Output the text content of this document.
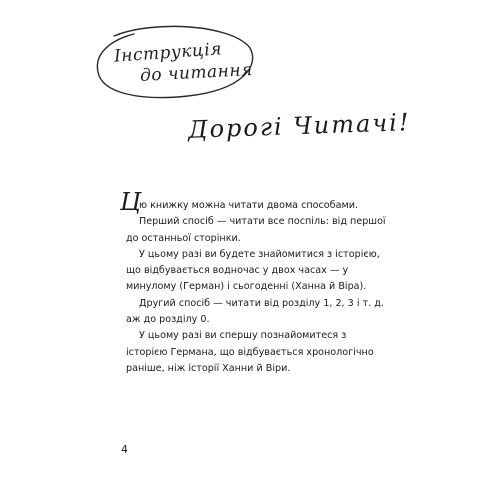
Інструкція
до читання
Дорогі Читачі!

Ц
ю книжку можна читати двома способами.

Перший спосіб — читати все поспіль: від першої до останньої сторінки.

У цьому разі ви будете знайомитися з історією, що відбувається водночас у двох часах — у минулому (Герман) і сьогоденні (Ханна й Віра).

Другий спосіб — читати від розділу 1, 2, 3 і т. д. аж до розділу 0.

У цьому разі ви спершу познайомитеся з історією Германа, що відбувається хронологічно раніше, ніж історії Ханни й Віри.

4
